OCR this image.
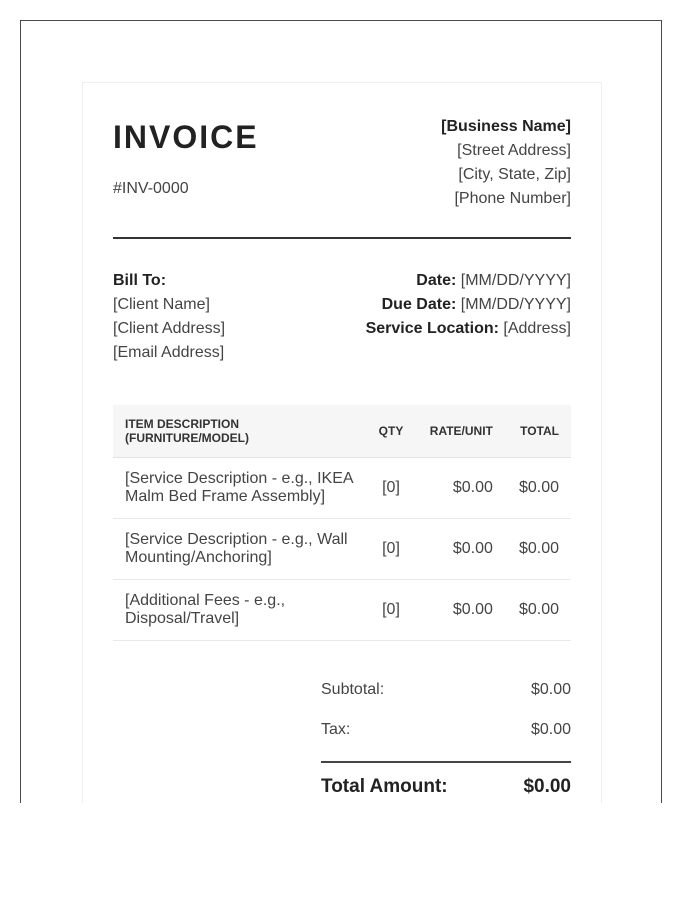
INVOICE
#INV-0000
[Business Name]
[Street Address]
[City, State, Zip]
[Phone Number]
Bill To:
[Client Name]
[Client Address]
[Email Address]
Date: [MM/DD/YYYY]
Due Date: [MM/DD/YYYY]
Service Location: [Address]
ITEM DESCRIPTION
(FURNITURE/MODEL)	QTY	RATE/UNIT	TOTAL

[Service Description - e.g., IKEA
Malm Bed Frame Assembly]	[0]	$0.00	$0.00

[Service Description - e.g., Wall
Mounting/Anchoring]	[0]	$0.00	$0.00

[Additional Fees - e.g.,
Disposal/Travel]	[0]	$0.00	$0.00
Subtotal:	$0.00
Tax:	$0.00
Total Amount:	$0.00
